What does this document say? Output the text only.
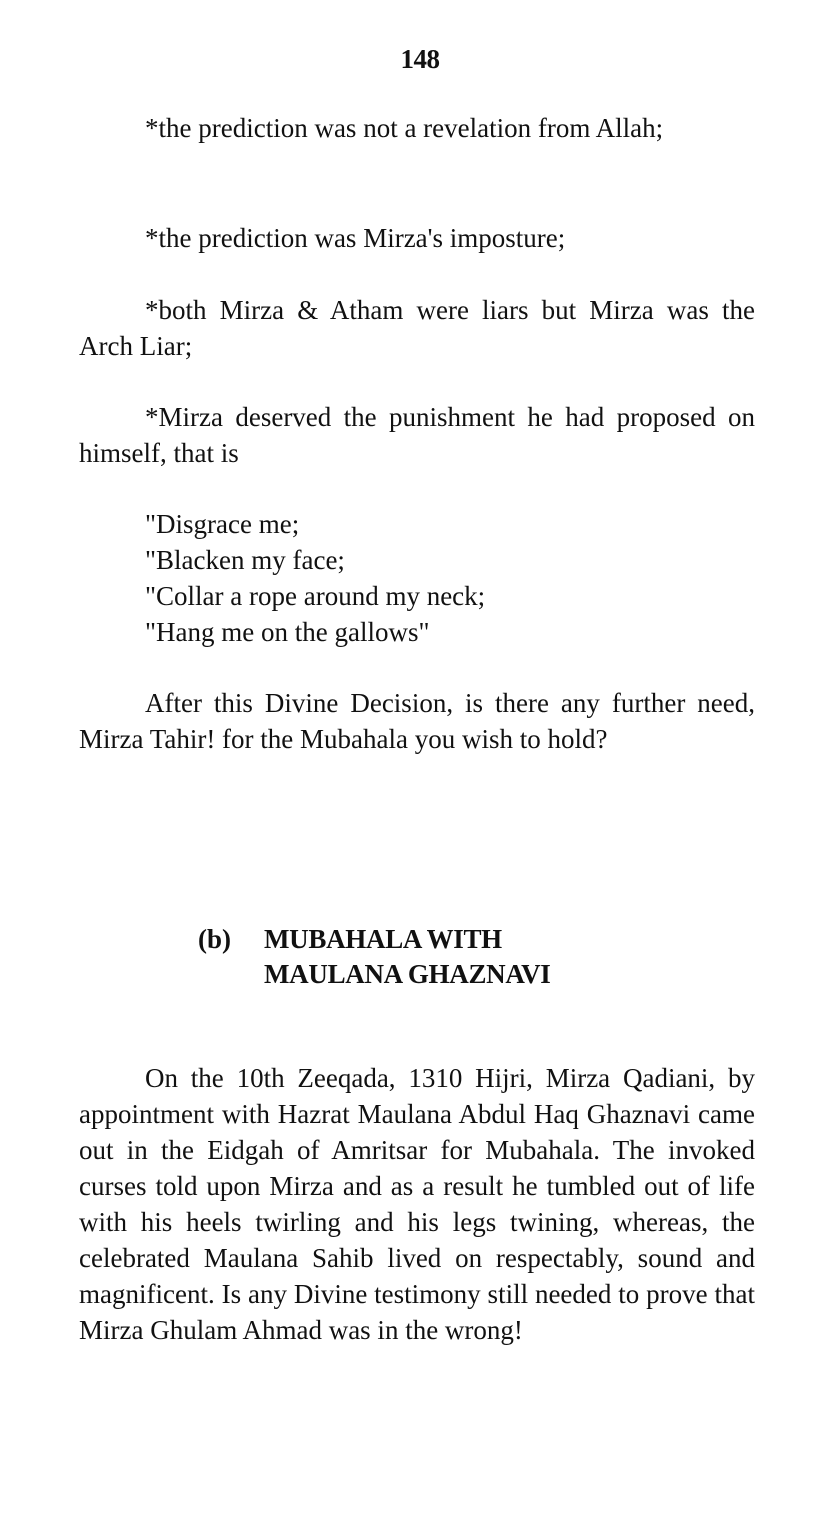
148

*the prediction was not a revelation from Allah;

*the prediction was Mirza's imposture;

*both Mirza & Atham were liars but Mirza was the Arch Liar;

*Mirza deserved the punishment he had proposed on himself, that is

"Disgrace me;
"Blacken my face;
"Collar a rope around my neck;
"Hang me on the gallows"

After this Divine Decision, is there any further need, Mirza Tahir! for the Mubahala you wish to hold?

(b) MUBAHALA WITH
MAULANA GHAZNAVI

On the 10th Zeeqada, 1310 Hijri, Mirza Qadiani, by appointment with Hazrat Maulana Abdul Haq Ghaznavi came out in the Eidgah of Amritsar for Mubahala. The invoked curses told upon Mirza and as a result he tumbled out of life with his heels twirling and his legs twining, whereas, the celebrated Maulana Sahib lived on respectably, sound and magnificent. Is any Divine testimony still needed to prove that Mirza Ghulam Ahmad was in the wrong!
